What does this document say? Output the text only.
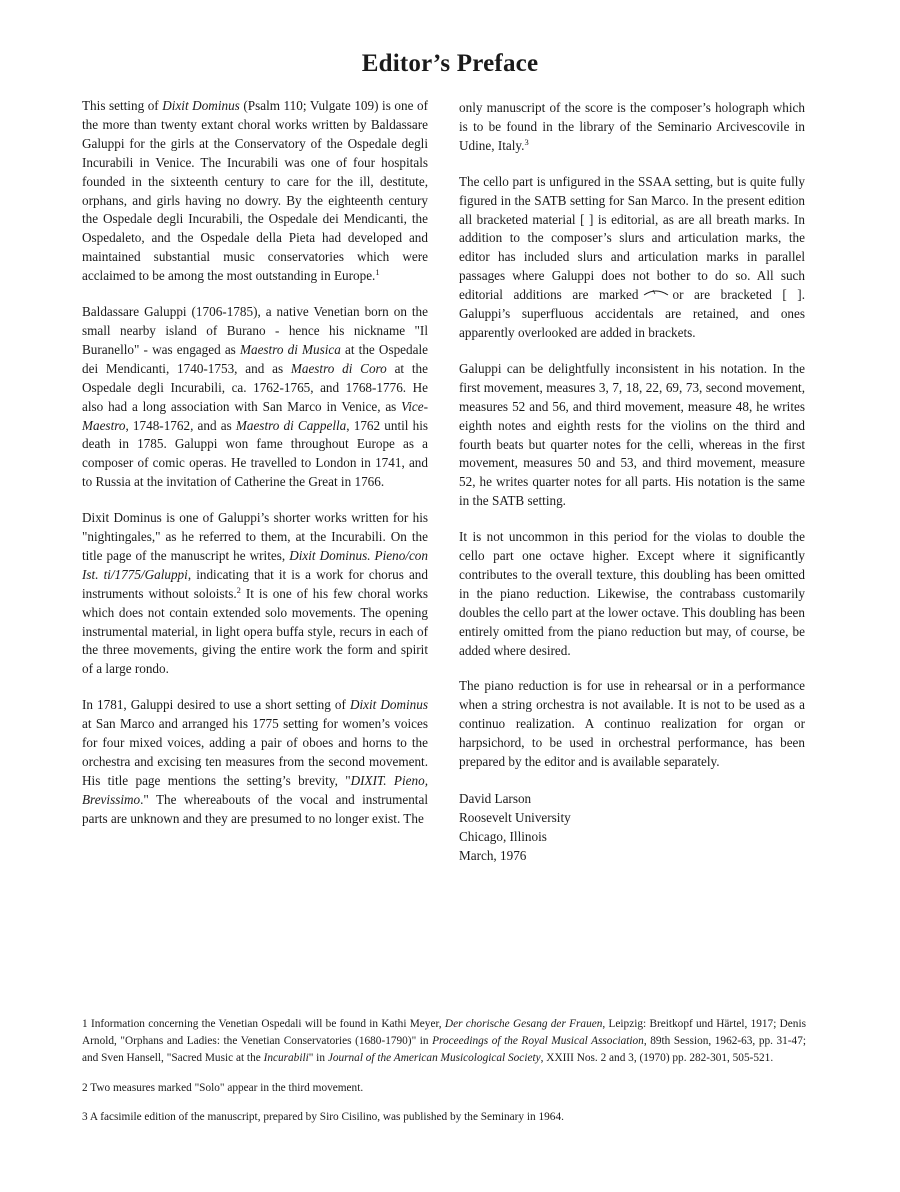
Editor’s Preface

This setting of Dixit Dominus (Psalm 110; Vulgate 109) is one of the more than twenty extant choral works written by Baldassare Galuppi for the girls at the Conservatory of the Ospedale degli Incurabili in Venice. The Incurabili was one of four hospitals founded in the sixteenth century to care for the ill, destitute, orphans, and girls having no dowry. By the eighteenth century the Ospedale degli Incurabili, the Ospedale dei Mendicanti, the Ospedaleto, and the Ospedale della Pieta had developed and maintained substantial music conservatories which were acclaimed to be among the most outstanding in Europe.$^1$

Baldassare Galuppi (1706-1785), a native Venetian born on the small nearby island of Burano - hence his nickname "Il Buranello" - was engaged as Maestro di Musica at the Ospedale dei Mendicanti, 1740-1753, and as Maestro di Coro at the Ospedale degli Incurabili, ca. 1762-1765, and 1768-1776. He also had a long association with San Marco in Venice, as Vice-Maestro, 1748-1762, and as Maestro di Cappella, 1762 until his death in 1785. Galuppi won fame throughout Europe as a composer of comic operas. He travelled to London in 1741, and to Russia at the invitation of Catherine the Great in 1766.

Dixit Dominus is one of Galuppi’s shorter works written for his "nightingales," as he referred to them, at the Incurabili. On the title page of the manuscript he writes, Dixit Dominus. Pieno/con Ist. ti/1775/Galuppi, indicating that it is a work for chorus and instruments without soloists.$^2$ It is one of his few choral works which does not contain extended solo movements. The opening instrumental material, in light opera buffa style, recurs in each of the three movements, giving the entire work the form and spirit of a large rondo.

In 1781, Galuppi desired to use a short setting of Dixit Dominus at San Marco and arranged his 1775 setting for women’s voices for four mixed voices, adding a pair of oboes and horns to the orchestra and excising ten measures from the second movement. His title page mentions the setting’s brevity, "DIXIT. Pieno, Brevissimo." The whereabouts of the vocal and instrumental parts are unknown and they are presumed to no longer exist. The

only manuscript of the score is the composer’s holograph which is to be found in the library of the Seminario Arcivescovile in Udine, Italy.$^3$

The cello part is unfigured in the SSAA setting, but is quite fully figured in the SATB setting for San Marco. In the present edition all bracketed material [ ] is editorial, as are all breath marks. In addition to the composer’s slurs and articulation marks, the editor has included slurs and articulation marks in parallel passages where Galuppi does not bother to do so. All such editorial additions are marked	or are bracketed [ ]. Galuppi’s superfluous accidentals are retained, and ones apparently overlooked are added in brackets.

Galuppi can be delightfully inconsistent in his notation. In the first movement, measures 3, 7, 18, 22, 69, 73, second movement, measures 52 and 56, and third movement, measure 48, he writes eighth notes and eighth rests for the violins on the third and fourth beats but quarter notes for the celli, whereas in the first movement, measures 50 and 53, and third movement, measure 52, he writes quarter notes for all parts. His notation is the same in the SATB setting.

It is not uncommon in this period for the violas to double the cello part one octave higher. Except where it significantly contributes to the overall texture, this doubling has been omitted in the piano reduction. Likewise, the contrabass customarily doubles the cello part at the lower octave. This doubling has been entirely omitted from the piano reduction but may, of course, be added where desired.

The piano reduction is for use in rehearsal or in a performance when a string orchestra is not available. It is not to be used as a continuo realization. A continuo realization for organ or harpsichord, to be used in orchestral performance, has been prepared by the editor and is available separately.

David Larson
Roosevelt University
Chicago, Illinois
March, 1976

1 Information concerning the Venetian Ospedali will be found in Kathi Meyer, Der chorische Gesang der Frauen, Leipzig: Breitkopf und Härtel, 1917; Denis Arnold, "Orphans and Ladies: the Venetian Conservatories (1680-1790)" in Proceedings of the Royal Musical Association, 89th Session, 1962-63, pp. 31-47; and Sven Hansell, "Sacred Music at the Incurabili" in Journal of the American Musicological Society, XXIII Nos. 2 and 3, (1970) pp. 282-301, 505-521.

2 Two measures marked "Solo" appear in the third movement.

3 A facsimile edition of the manuscript, prepared by Siro Cisilino, was published by the Seminary in 1964.
